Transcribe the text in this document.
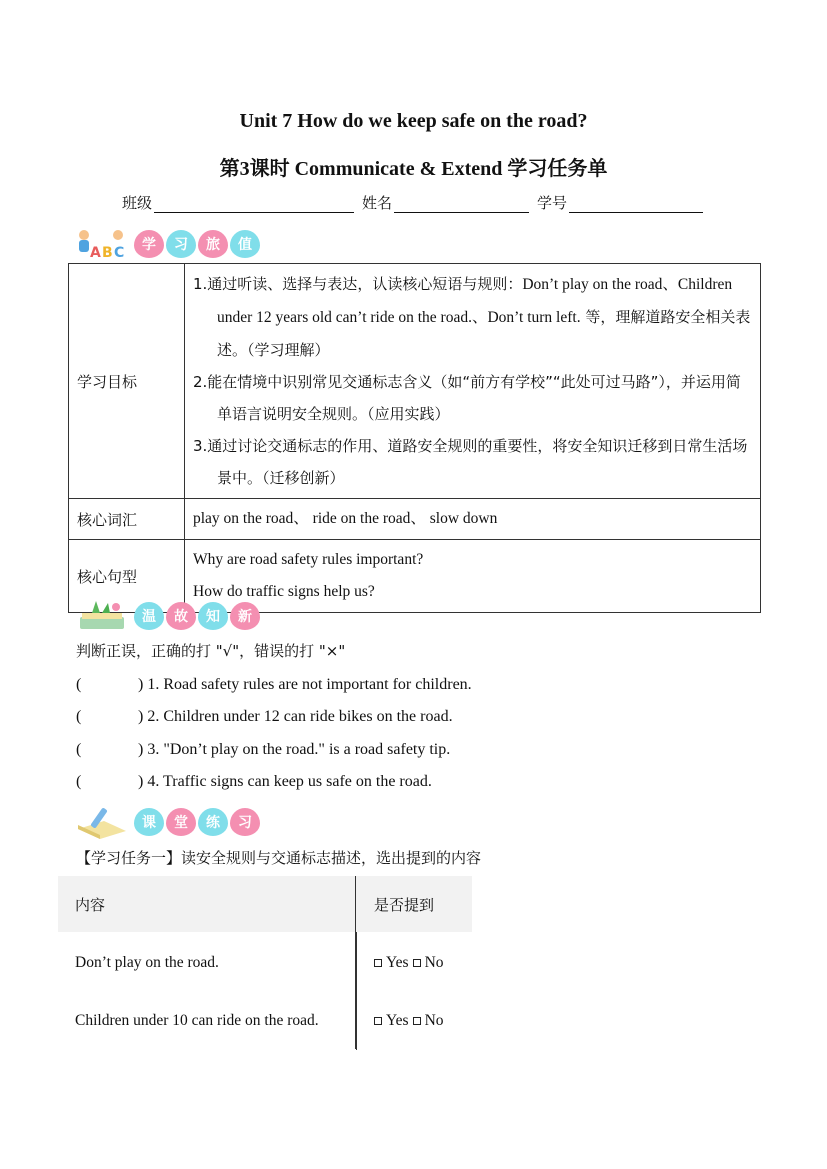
Unit 7 How do we keep safe on the road?
第3课时 Communicate & Extend 学习任务单
班级	姓名	学号
A B C	学	习	旅	值
学习目标	1.通过听读、选择与表达，认读核心短语与规则：Don’t play on the road、Children under 12 years old can’t ride on the road.、Don’t turn left. 等，理解道路安全相关表述。（学习理解）
2.能在情境中识别常见交通标志含义（如“前方有学校”“此处可过马路”），并运用简单语言说明安全规则。（应用实践）
3.通过讨论交通标志的作用、道路安全规则的重要性，将安全知识迁移到日常生活场景中。（迁移创新）

核心词汇	play on the road、 ride on the road、 slow down
核心句型	Why are road safety rules important?
How do traffic signs help us?
温	故	知	新
判断正误，正确的打 "√"，错误的打 "×"
(	) 1. Road safety rules are not important for children.
(	) 2. Children under 12 can ride bikes on the road.
(	) 3. "Don’t play on the road." is a road safety tip.
(	) 4. Traffic signs can keep us safe on the road.
课	堂	练	习
【学习任务一】读安全规则与交通标志描述，选出提到的内容
内容	是否提到
Don’t play on the road.	Yes No
Children under 10 can ride on the road.	Yes No
